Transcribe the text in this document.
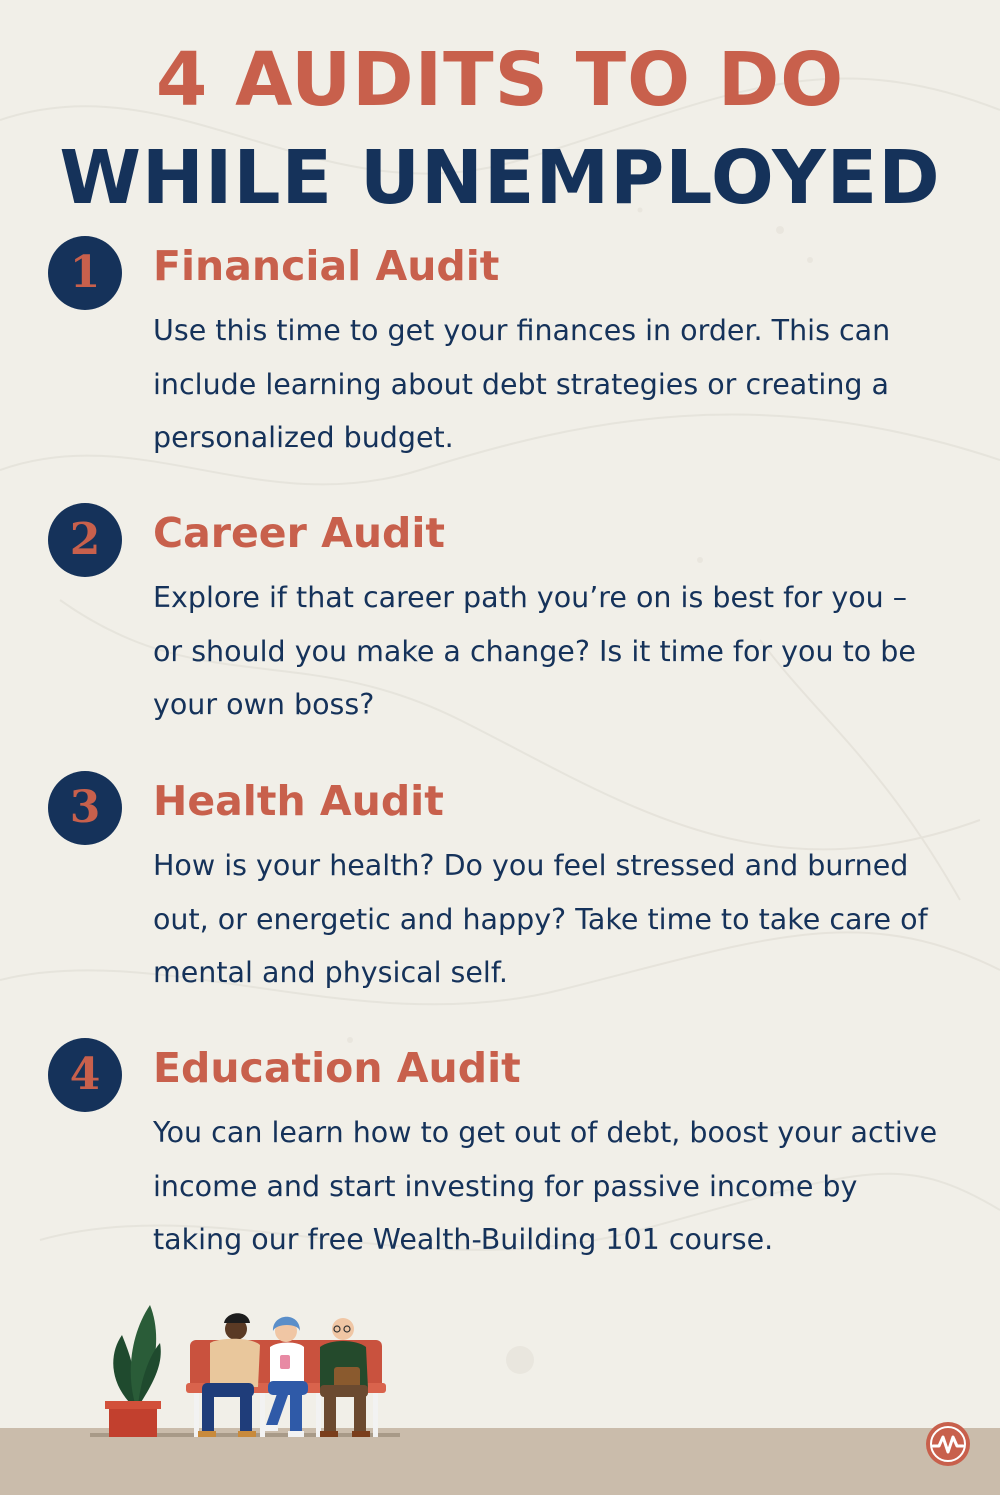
4 AUDITS TO DO
WHILE UNEMPLOYED
1	Financial Audit

Use this time to get your finances in order. This can include learning about debt strategies or creating a personalized budget.

2	Career Audit

Explore if that career path you’re on is best for you – or should you make a change? Is it time for you to be your own boss?

3	Health Audit

How is your health? Do you feel stressed and burned out, or energetic and happy? Take time to take care of mental and physical self.

4	Education Audit

You can learn how to get out of debt, boost your active income and start investing for passive income by taking our free Wealth-Building 101 course.
